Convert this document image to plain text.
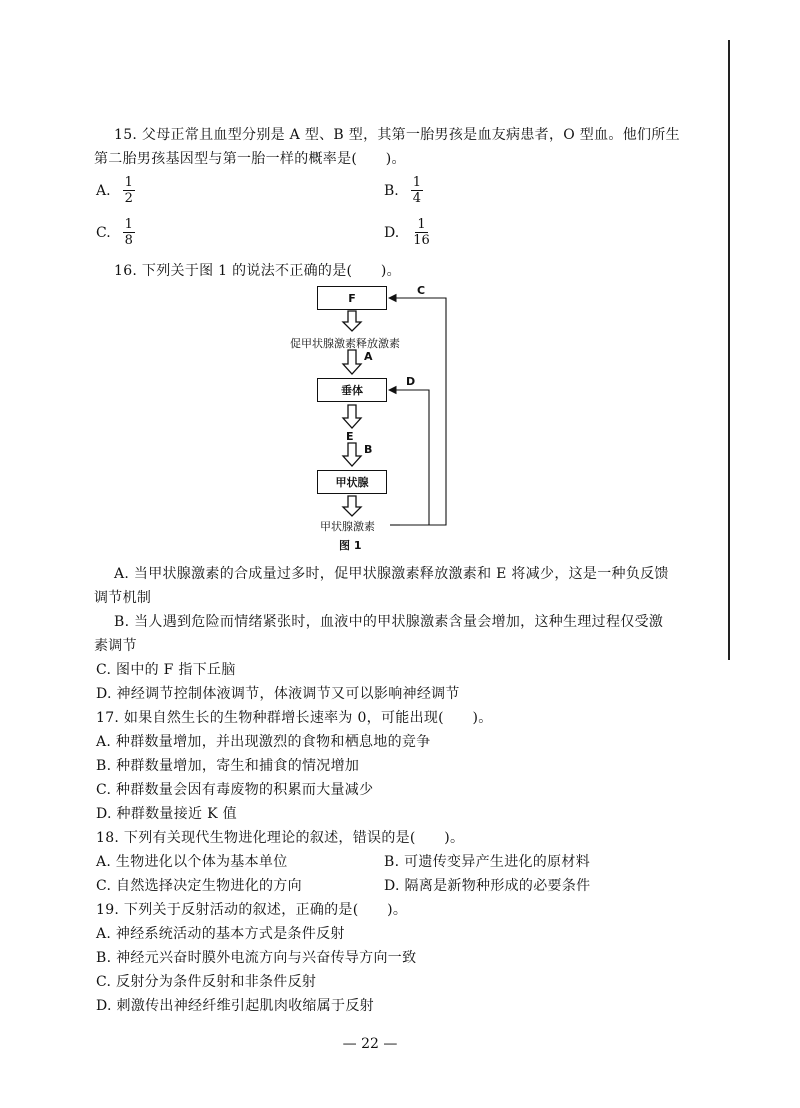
15. 父母正常且血型分别是 A 型、B 型，其第一胎男孩是血友病患者，O 型血。他们所生
第二胎男孩基因型与第一胎一样的概率是(　　)。
A. $\frac{1}{2}$	B. $\frac{1}{4}$
C. $\frac{1}{8}$	D. $\frac{1}{16}$
16. 下列关于图 1 的说法不正确的是(　　)。
F
垂体
甲状腺
促甲状腺激素释放激素
A
E
B
C
D
甲状腺激素
图 1
A. 当甲状腺激素的合成量过多时，促甲状腺激素释放激素和 E 将减少，这是一种负反馈
调节机制
B. 当人遇到危险而情绪紧张时，血液中的甲状腺激素含量会增加，这种生理过程仅受激
素调节
C. 图中的 F 指下丘脑
D. 神经调节控制体液调节，体液调节又可以影响神经调节
17. 如果自然生长的生物种群增长速率为 0，可能出现(　　)。
A. 种群数量增加，并出现激烈的食物和栖息地的竞争
B. 种群数量增加，寄生和捕食的情况增加
C. 种群数量会因有毒废物的积累而大量减少
D. 种群数量接近 K 值
18. 下列有关现代生物进化理论的叙述，错误的是(　　)。
A. 生物进化以个体为基本单位	B. 可遗传变异产生进化的原材料
C. 自然选择决定生物进化的方向	D. 隔离是新物种形成的必要条件
19. 下列关于反射活动的叙述，正确的是(　　)。
A. 神经系统活动的基本方式是条件反射
B. 神经元兴奋时膜外电流方向与兴奋传导方向一致
C. 反射分为条件反射和非条件反射
D. 刺激传出神经纤维引起肌肉收缩属于反射
— 22 —
